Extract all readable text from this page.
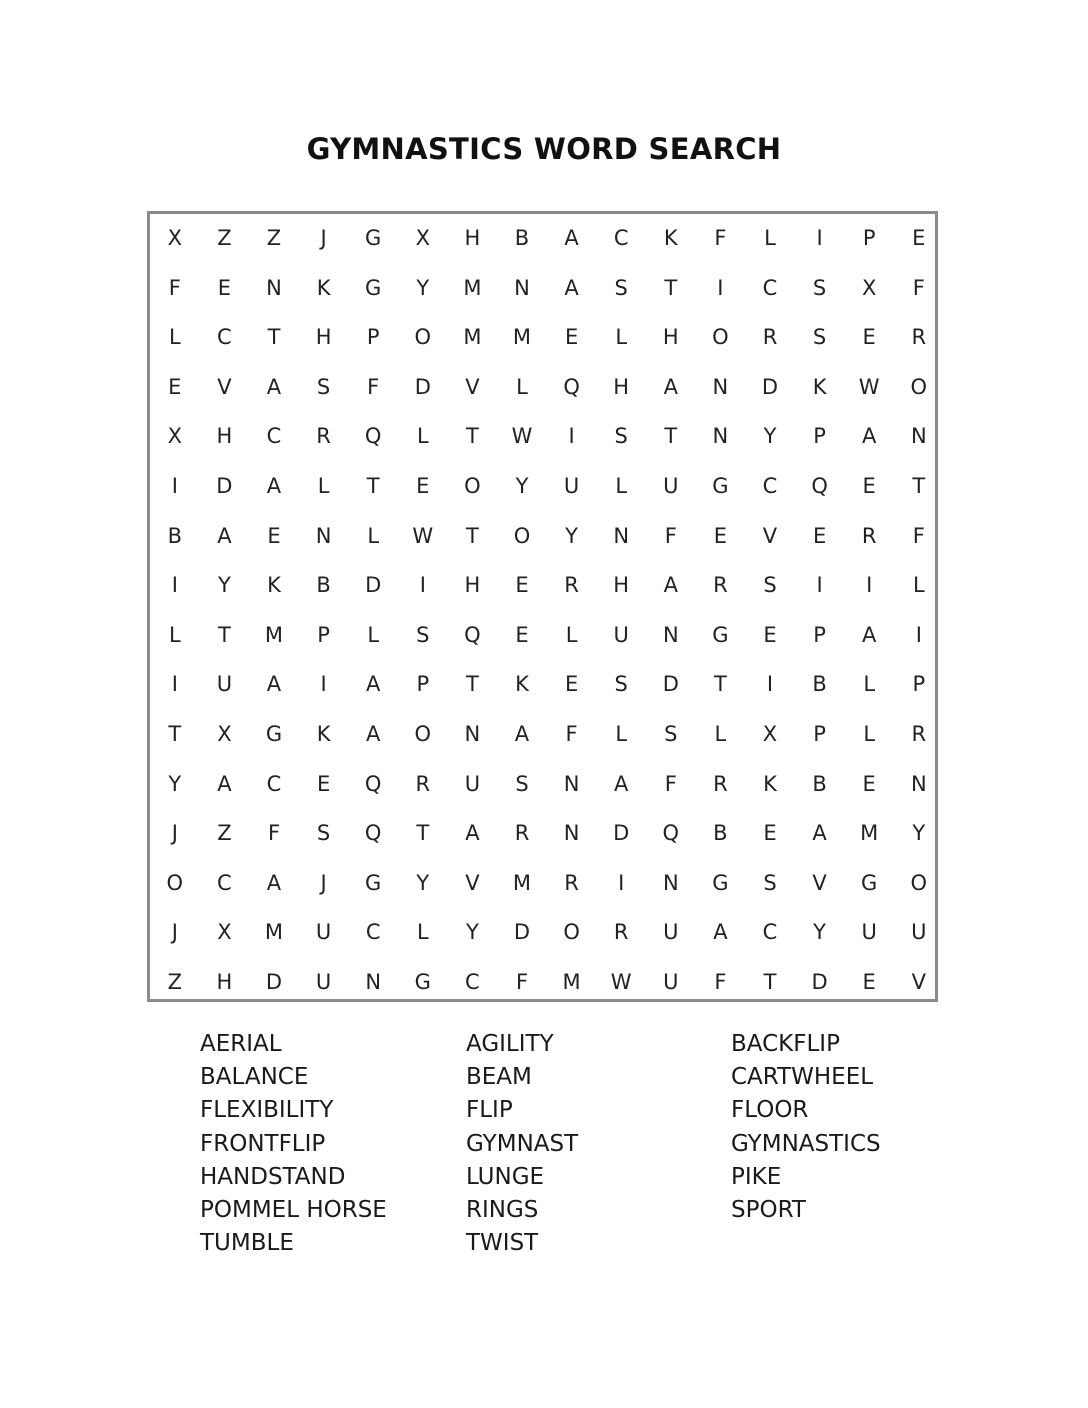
GYMNASTICS WORD SEARCH
X	Z	Z	J	G	X	H	B	A	C	K	F	L	I	P	E
F	E	N	K	G	Y	M	N	A	S	T	I	C	S	X	F
L	C	T	H	P	O	M	M	E	L	H	O	R	S	E	R
E	V	A	S	F	D	V	L	Q	H	A	N	D	K	W	O
X	H	C	R	Q	L	T	W	I	S	T	N	Y	P	A	N
I	D	A	L	T	E	O	Y	U	L	U	G	C	Q	E	T
B	A	E	N	L	W	T	O	Y	N	F	E	V	E	R	F
I	Y	K	B	D	I	H	E	R	H	A	R	S	I	I	L
L	T	M	P	L	S	Q	E	L	U	N	G	E	P	A	I
I	U	A	I	A	P	T	K	E	S	D	T	I	B	L	P
T	X	G	K	A	O	N	A	F	L	S	L	X	P	L	R
Y	A	C	E	Q	R	U	S	N	A	F	R	K	B	E	N
J	Z	F	S	Q	T	A	R	N	D	Q	B	E	A	M	Y
O	C	A	J	G	Y	V	M	R	I	N	G	S	V	G	O
J	X	M	U	C	L	Y	D	O	R	U	A	C	Y	U	U
Z	H	D	U	N	G	C	F	M	W	U	F	T	D	E	V
AERIAL
BALANCE
FLEXIBILITY
FRONTFLIP
HANDSTAND
POMMEL HORSE
TUMBLE
AGILITY
BEAM
FLIP
GYMNAST
LUNGE
RINGS
TWIST
BACKFLIP
CARTWHEEL
FLOOR
GYMNASTICS
PIKE
SPORT
